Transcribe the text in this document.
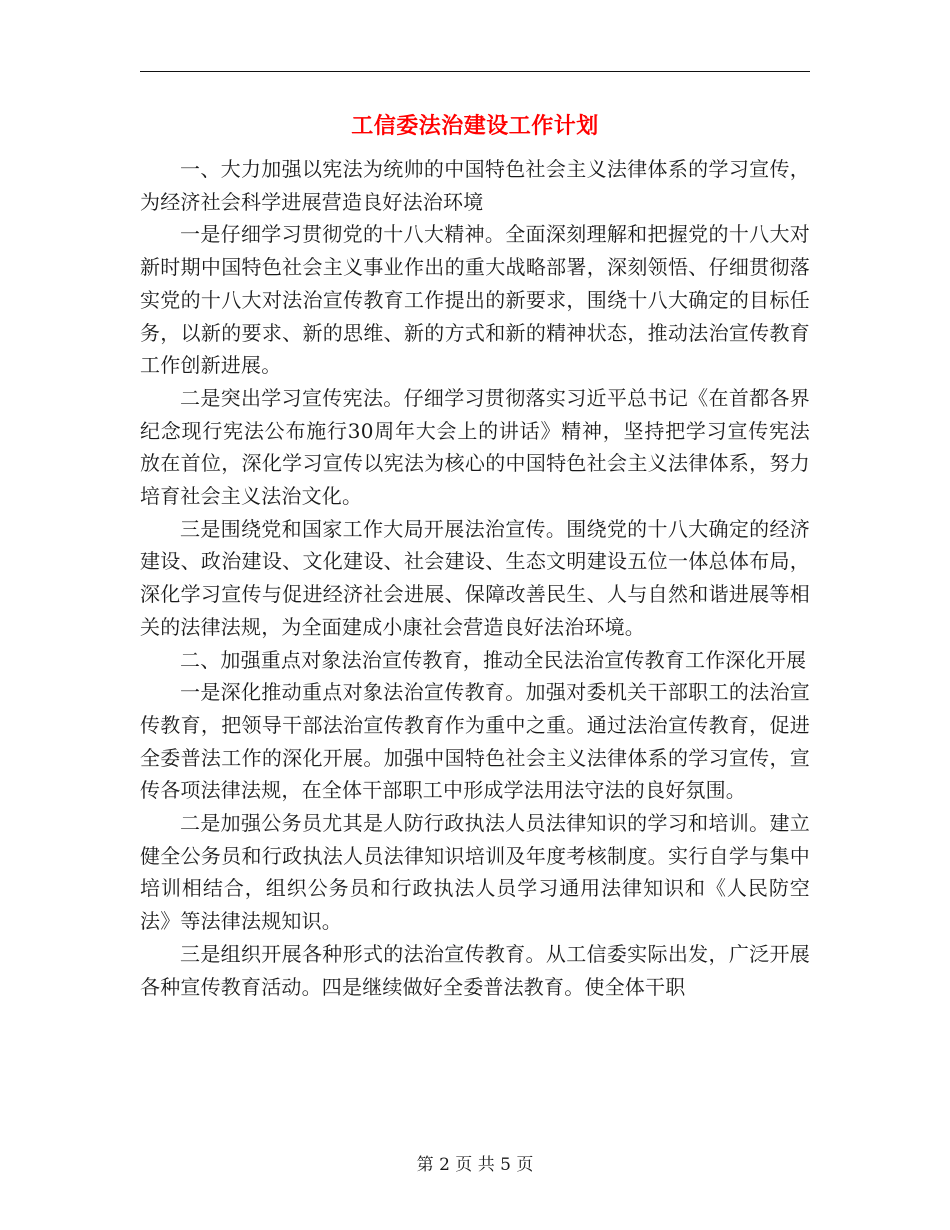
工信委法治建设工作计划

一、大力加强以宪法为统帅的中国特色社会主义法律体系的学习宣传，为经济社会科学进展营造良好法治环境

一是仔细学习贯彻党的十八大精神。全面深刻理解和把握党的十八大对新时期中国特色社会主义事业作出的重大战略部署，深刻领悟、仔细贯彻落实党的十八大对法治宣传教育工作提出的新要求，围绕十八大确定的目标任务，以新的要求、新的思维、新的方式和新的精神状态，推动法治宣传教育工作创新进展。

二是突出学习宣传宪法。仔细学习贯彻落实习近平总书记《在首都各界纪念现行宪法公布施行30周年大会上的讲话》精神，坚持把学习宣传宪法放在首位，深化学习宣传以宪法为核心的中国特色社会主义法律体系，努力培育社会主义法治文化。

三是围绕党和国家工作大局开展法治宣传。围绕党的十八大确定的经济建设、政治建设、文化建设、社会建设、生态文明建设五位一体总体布局，深化学习宣传与促进经济社会进展、保障改善民生、人与自然和谐进展等相关的法律法规，为全面建成小康社会营造良好法治环境。

二、加强重点对象法治宣传教育，推动全民法治宣传教育工作深化开展

一是深化推动重点对象法治宣传教育。加强对委机关干部职工的法治宣传教育，把领导干部法治宣传教育作为重中之重。通过法治宣传教育，促进全委普法工作的深化开展。加强中国特色社会主义法律体系的学习宣传，宣传各项法律法规，在全体干部职工中形成学法用法守法的良好氛围。

二是加强公务员尤其是人防行政执法人员法律知识的学习和培训。建立健全公务员和行政执法人员法律知识培训及年度考核制度。实行自学与集中培训相结合，组织公务员和行政执法人员学习通用法律知识和《人民防空法》等法律法规知识。

三是组织开展各种形式的法治宣传教育。从工信委实际出发，广泛开展各种宣传教育活动。四是继续做好全委普法教育。使全体干职

第 2 页 共 5 页
